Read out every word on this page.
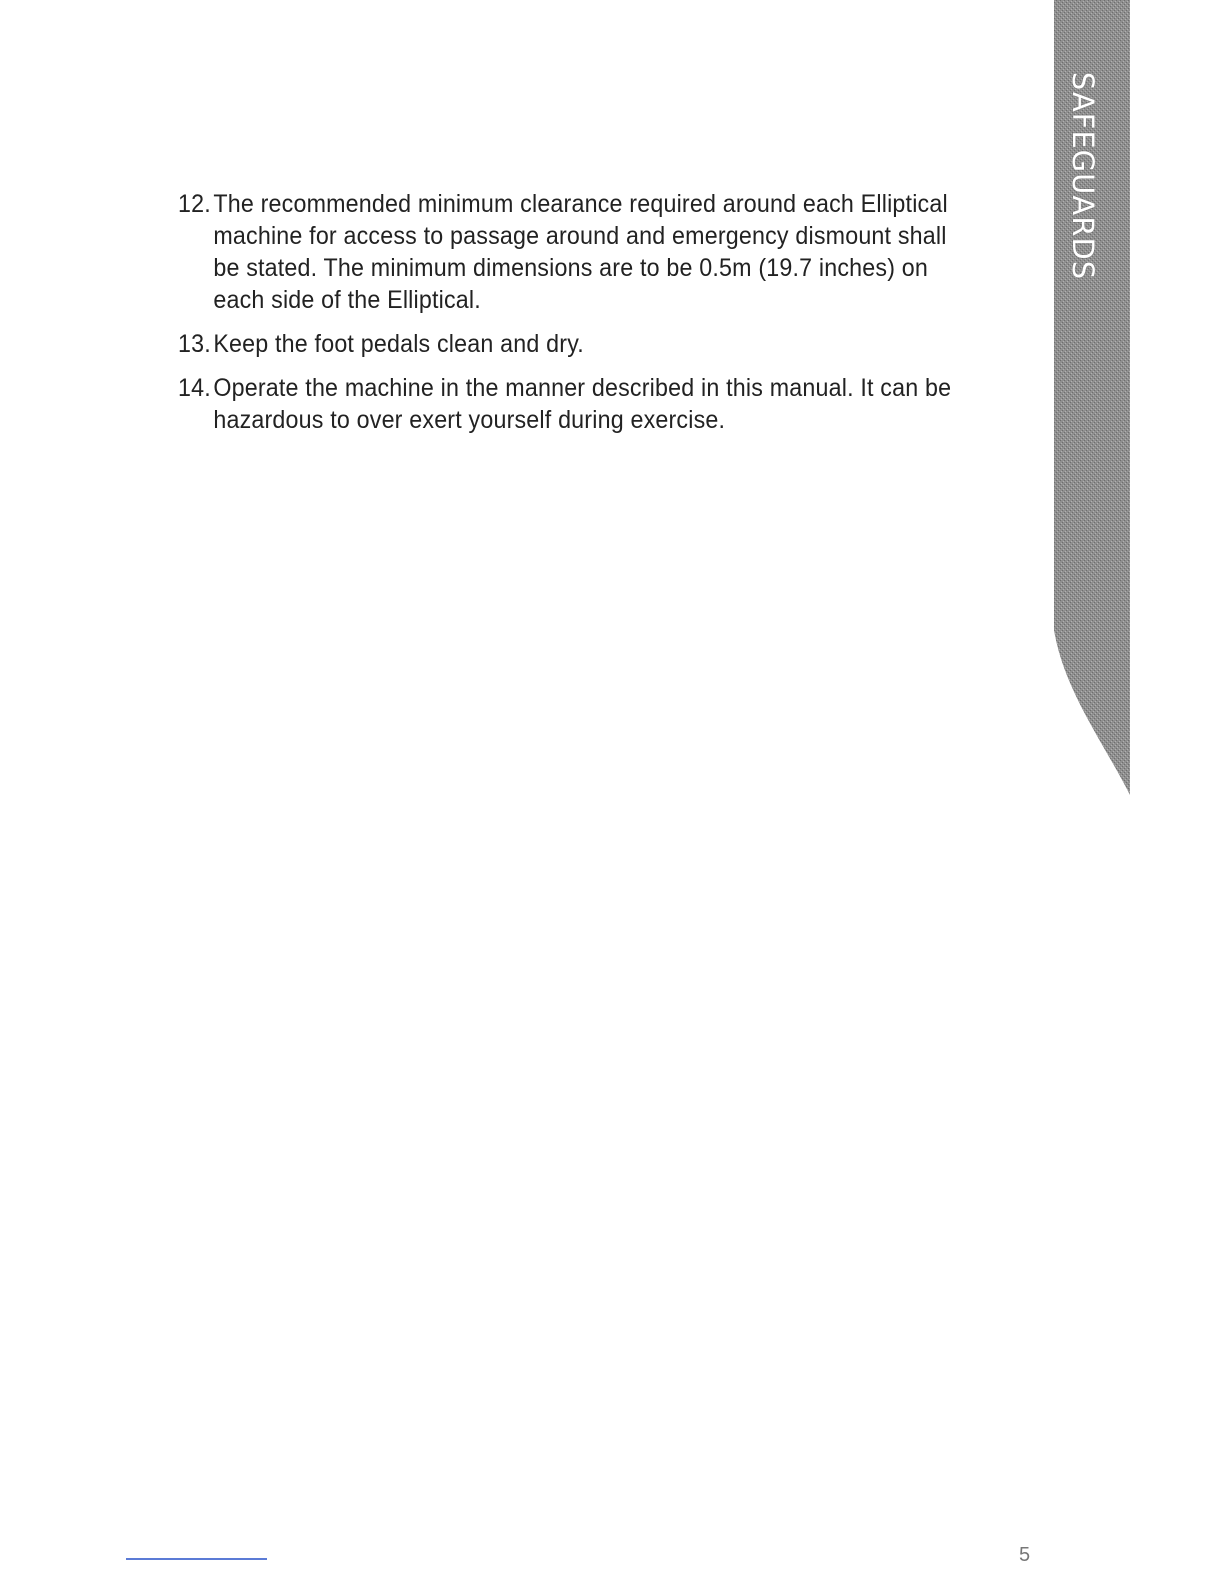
12. The recommended minimum clearance required around each Elliptical machine for access to passage around and emergency dismount shall be stated. The minimum dimensions are to be 0.5m (19.7 inches) on each side of the Elliptical.
13. Keep the foot pedals clean and dry.
14. Operate the machine in the manner described in this manual. It can be hazardous to over exert yourself during exercise.
SAFEGUARDS
5
